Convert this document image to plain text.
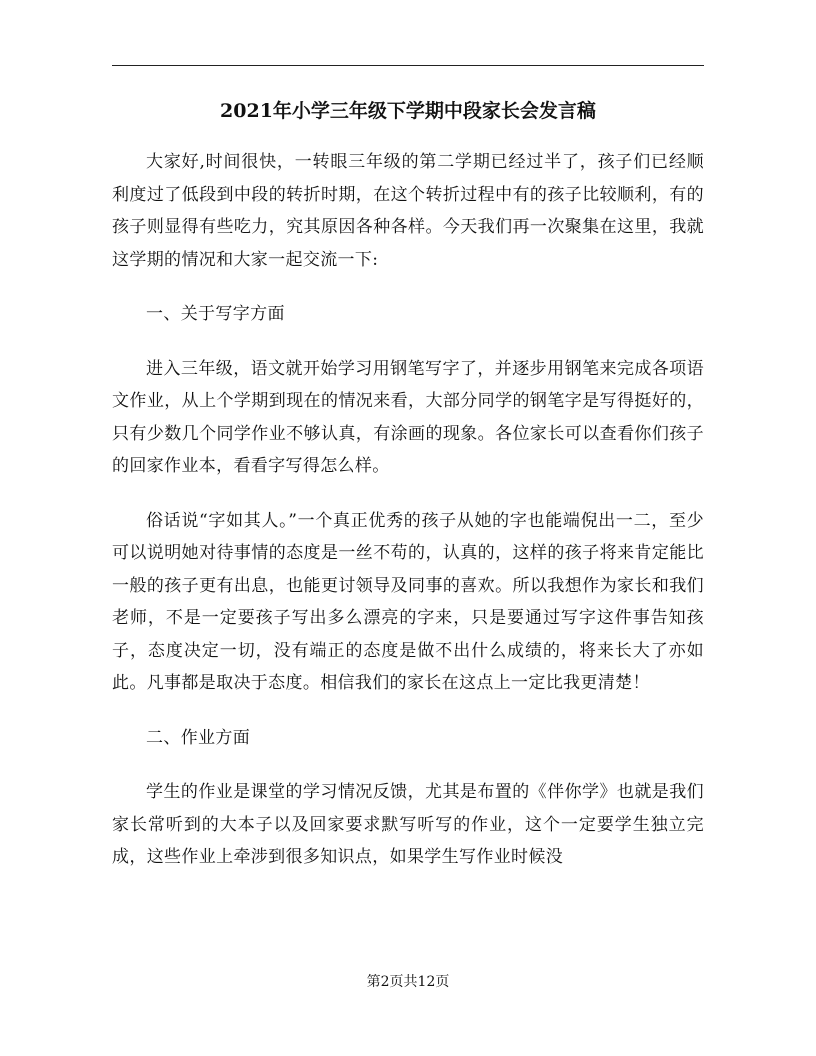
2021年小学三年级下学期中段家长会发言稿

大家好,时间很快，一转眼三年级的第二学期已经过半了，孩子们已经顺利度过了低段到中段的转折时期，在这个转折过程中有的孩子比较顺利，有的孩子则显得有些吃力，究其原因各种各样。今天我们再一次聚集在这里，我就这学期的情况和大家一起交流一下:

一、关于写字方面

进入三年级，语文就开始学习用钢笔写字了，并逐步用钢笔来完成各项语文作业，从上个学期到现在的情况来看，大部分同学的钢笔字是写得挺好的，只有少数几个同学作业不够认真，有涂画的现象。各位家长可以查看你们孩子的回家作业本，看看字写得怎么样。

俗话说“字如其人。”一个真正优秀的孩子从她的字也能端倪出一二，至少可以说明她对待事情的态度是一丝不苟的，认真的，这样的孩子将来肯定能比一般的孩子更有出息，也能更讨领导及同事的喜欢。所以我想作为家长和我们老师，不是一定要孩子写出多么漂亮的字来，只是要通过写字这件事告知孩子，态度决定一切，没有端正的态度是做不出什么成绩的，将来长大了亦如此。凡事都是取决于态度。相信我们的家长在这点上一定比我更清楚！

二、作业方面

学生的作业是课堂的学习情况反馈，尤其是布置的《伴你学》也就是我们家长常听到的大本子以及回家要求默写听写的作业，这个一定要学生独立完成，这些作业上牵涉到很多知识点，如果学生写作业时候没

第2页共12页
